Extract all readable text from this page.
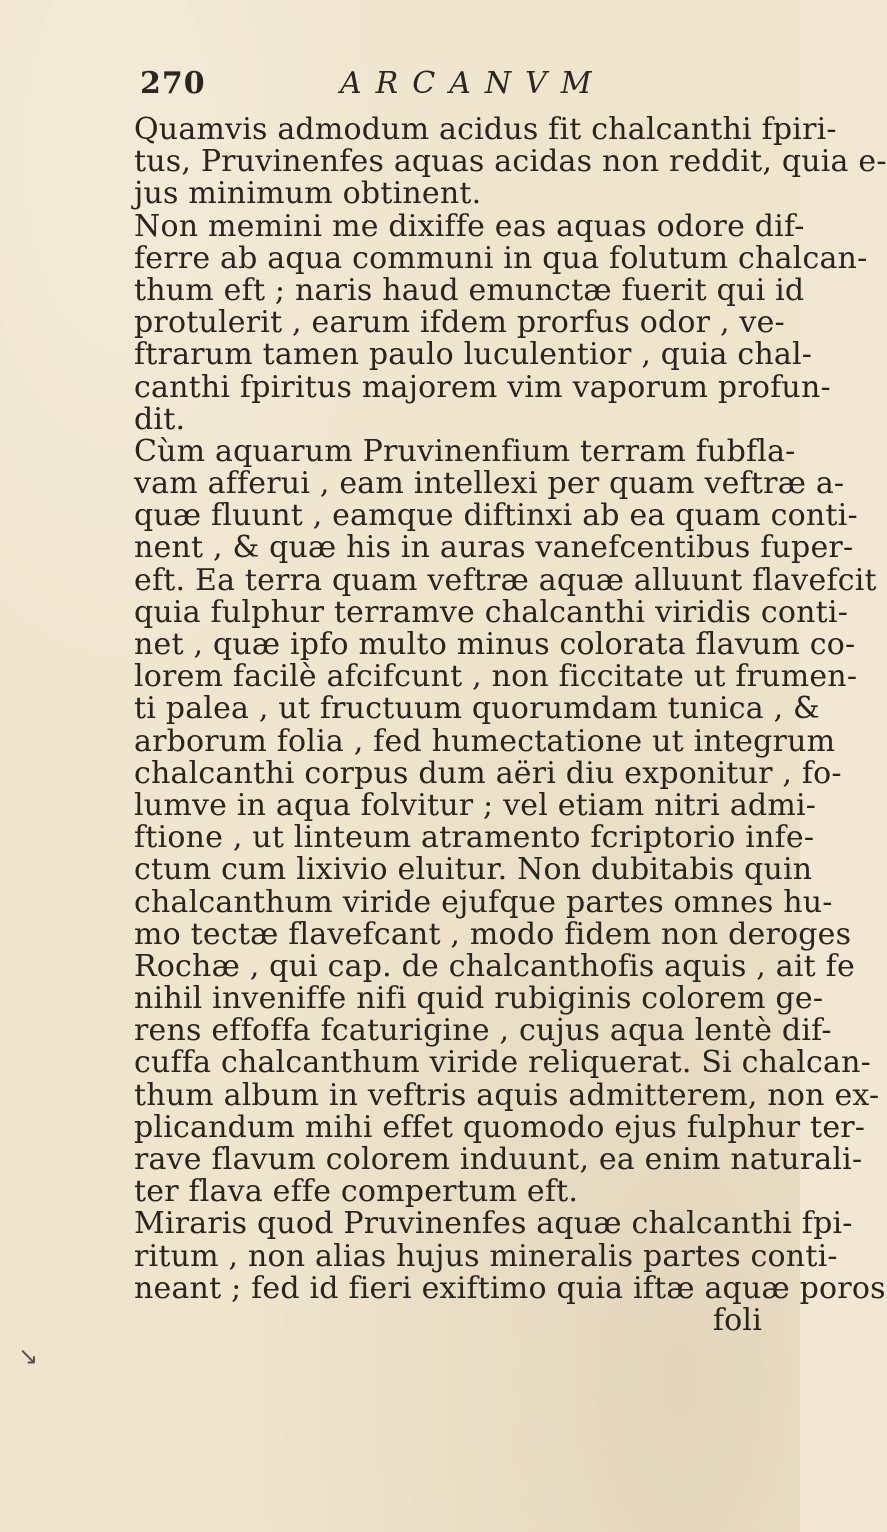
270	ARCANVM
Quamvis admodum acidus fit chalcanthi fpiri-
tus, Pruvinenfes aquas acidas non reddit, quia e-
jus minimum obtinent.
Non memini me dixiffe eas aquas odore dif-
ferre ab aqua communi in qua folutum chalcan-
thum eft ; naris haud emunctæ fuerit qui id
protulerit , earum ifdem prorfus odor , ve-
ftrarum tamen paulo luculentior , quia chal-
canthi fpiritus majorem vim vaporum profun-
dit.
Cùm aquarum Pruvinenfium terram fubfla-
vam afferui , eam intellexi per quam veftræ a-
quæ fluunt , eamque diftinxi ab ea quam conti-
nent , & quæ his in auras vanefcentibus fuper-
eft. Ea terra quam veftræ aquæ alluunt flavefcit
quia fulphur terramve chalcanthi viridis conti-
net , quæ ipfo multo minus colorata flavum co-
lorem facilè afcifcunt , non ficcitate ut frumen-
ti palea , ut fructuum quorumdam tunica , &
arborum folia , fed humectatione ut integrum
chalcanthi corpus dum aëri diu exponitur , fo-
lumve in aqua folvitur ; vel etiam nitri admi-
ftione , ut linteum atramento fcriptorio infe-
ctum cum lixivio eluitur. Non dubitabis quin
chalcanthum viride ejufque partes omnes hu-
mo tectæ flavefcant , modo fidem non deroges
Rochæ , qui cap. de chalcanthofis aquis , ait fe
nihil inveniffe nifi quid rubiginis colorem ge-
rens effoffa fcaturigine , cujus aqua lentè dif-
cuffa chalcanthum viride reliquerat. Si chalcan-
thum album in veftris aquis admitterem, non ex-
plicandum mihi effet quomodo ejus fulphur ter-
rave flavum colorem induunt, ea enim naturali-
ter flava effe compertum eft.
Miraris quod Pruvinenfes aquæ chalcanthi fpi-
ritum , non alias hujus mineralis partes conti-
neant ; fed id fieri exiftimo quia iftæ aquæ poros
foli
↘
